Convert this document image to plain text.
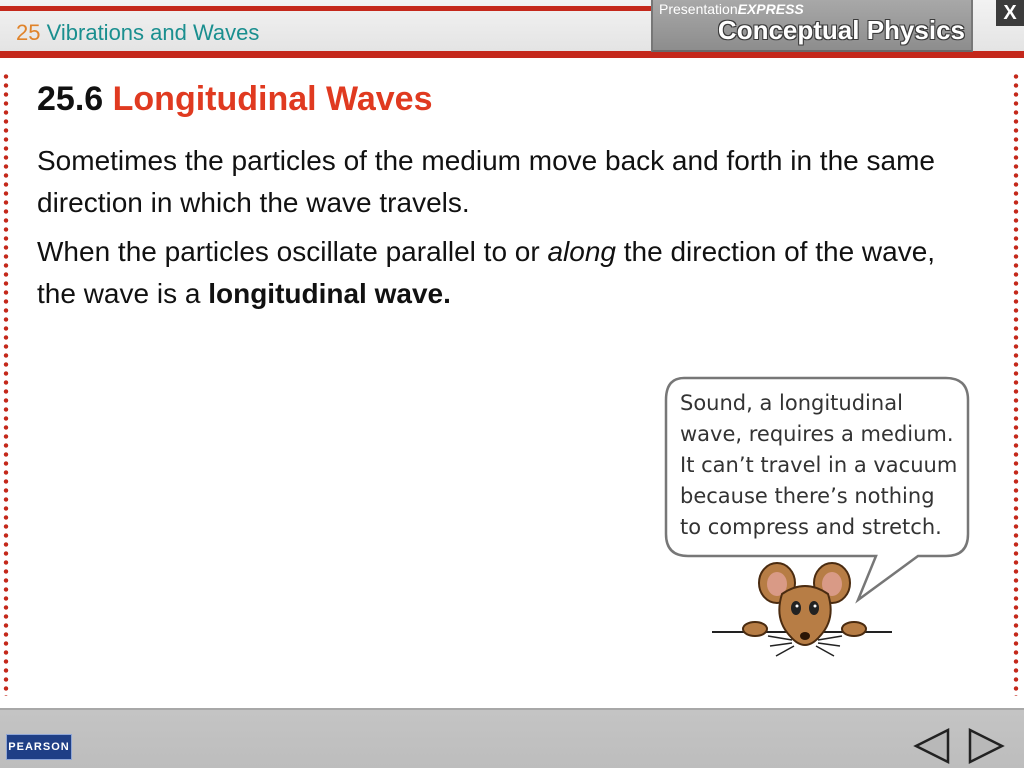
25 Vibrations and Waves
PresentationEXPRESS
Conceptual Physics
X
25.6 Longitudinal Waves
Sometimes the particles of the medium move back and forth in the same direction in which the wave travels.
When the particles oscillate parallel to or along the direction of the wave, the wave is a longitudinal wave.
Sound, a longitudinal
wave, requires a medium.
It can’t travel in a vacuum
because there’s nothing
to compress and stretch.
PEARSON
